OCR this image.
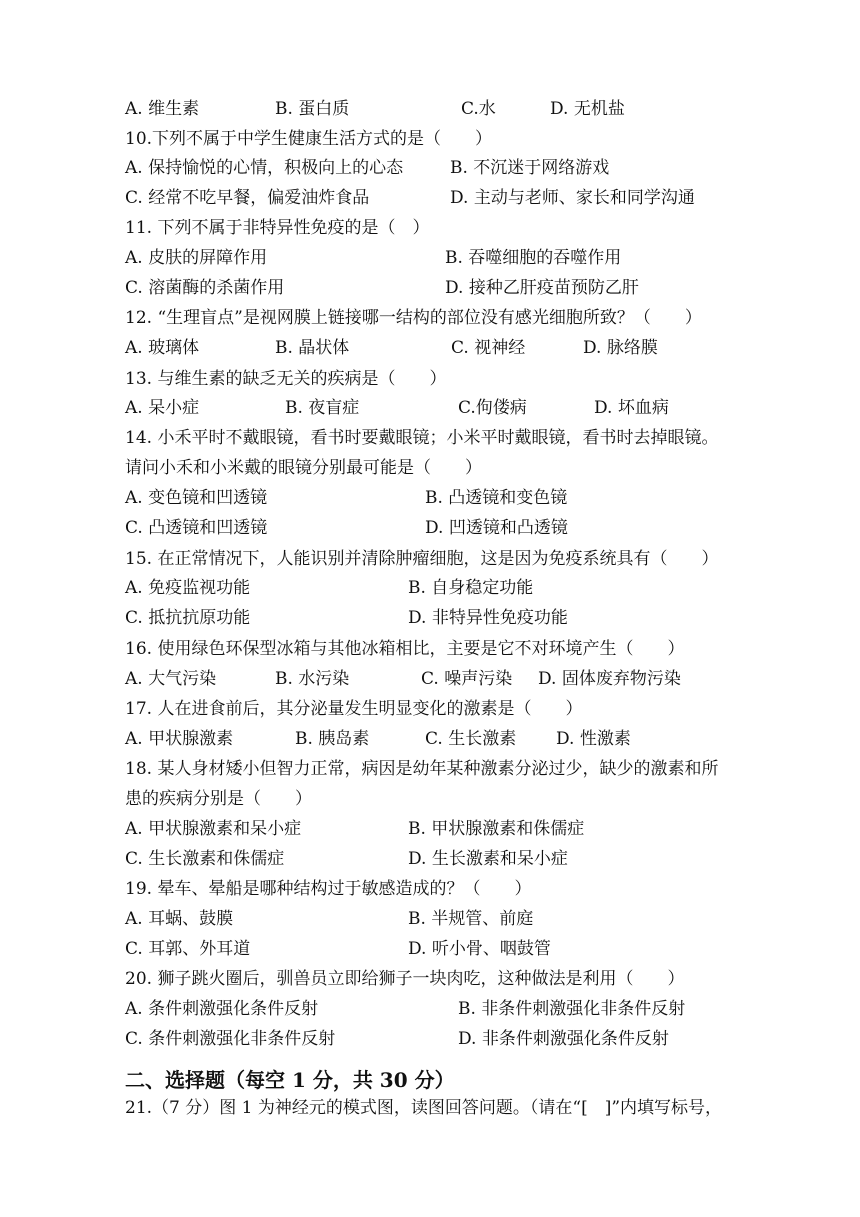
A. 维生素	B. 蛋白质	C.水	D. 无机盐
10.下列不属于中学生健康生活方式的是（　　）
A. 保持愉悦的心情，积极向上的心态	B. 不沉迷于网络游戏
C. 经常不吃早餐，偏爱油炸食品	D. 主动与老师、家长和同学沟通
11. 下列不属于非特异性免疫的是（　）
A. 皮肤的屏障作用	B. 吞噬细胞的吞噬作用
C. 溶菌酶的杀菌作用	D. 接种乙肝疫苗预防乙肝
12. “生理盲点”是视网膜上链接哪一结构的部位没有感光细胞所致？（　　）
A. 玻璃体	B. 晶状体	C. 视神经	D. 脉络膜
13. 与维生素的缺乏无关的疾病是（　　）
A. 呆小症	B. 夜盲症	C.佝偻病	D. 坏血病
14. 小禾平时不戴眼镜，看书时要戴眼镜；小米平时戴眼镜，看书时去掉眼镜。
请问小禾和小米戴的眼镜分别最可能是（　　）
A. 变色镜和凹透镜	B. 凸透镜和变色镜
C. 凸透镜和凹透镜	D. 凹透镜和凸透镜
15. 在正常情况下，人能识别并清除肿瘤细胞，这是因为免疫系统具有（　　）
A. 免疫监视功能	B. 自身稳定功能
C. 抵抗抗原功能	D. 非特异性免疫功能
16. 使用绿色环保型冰箱与其他冰箱相比，主要是它不对环境产生（　　）
A. 大气污染	B. 水污染	C. 噪声污染 D. 固体废弃物污染
17. 人在进食前后，其分泌量发生明显变化的激素是（　　）
A. 甲状腺激素	B. 胰岛素	C. 生长激素 D. 性激素
18. 某人身材矮小但智力正常，病因是幼年某种激素分泌过少，缺少的激素和所
患的疾病分别是（　　）
A. 甲状腺激素和呆小症	B. 甲状腺激素和侏儒症
C. 生长激素和侏儒症	D. 生长激素和呆小症
19. 晕车、晕船是哪种结构过于敏感造成的？（　　）
A. 耳蜗、鼓膜	B. 半规管、前庭
C. 耳郭、外耳道	D. 听小骨、咽鼓管
20. 狮子跳火圈后，驯兽员立即给狮子一块肉吃，这种做法是利用（　　）
A. 条件刺激强化条件反射	B. 非条件刺激强化非条件反射
C. 条件刺激强化非条件反射	D. 非条件刺激强化条件反射
二、选择题（每空 1 分，共 30 分）
21.（7 分）图 1 为神经元的模式图，读图回答问题。（请在“[　]”内填写标号，
